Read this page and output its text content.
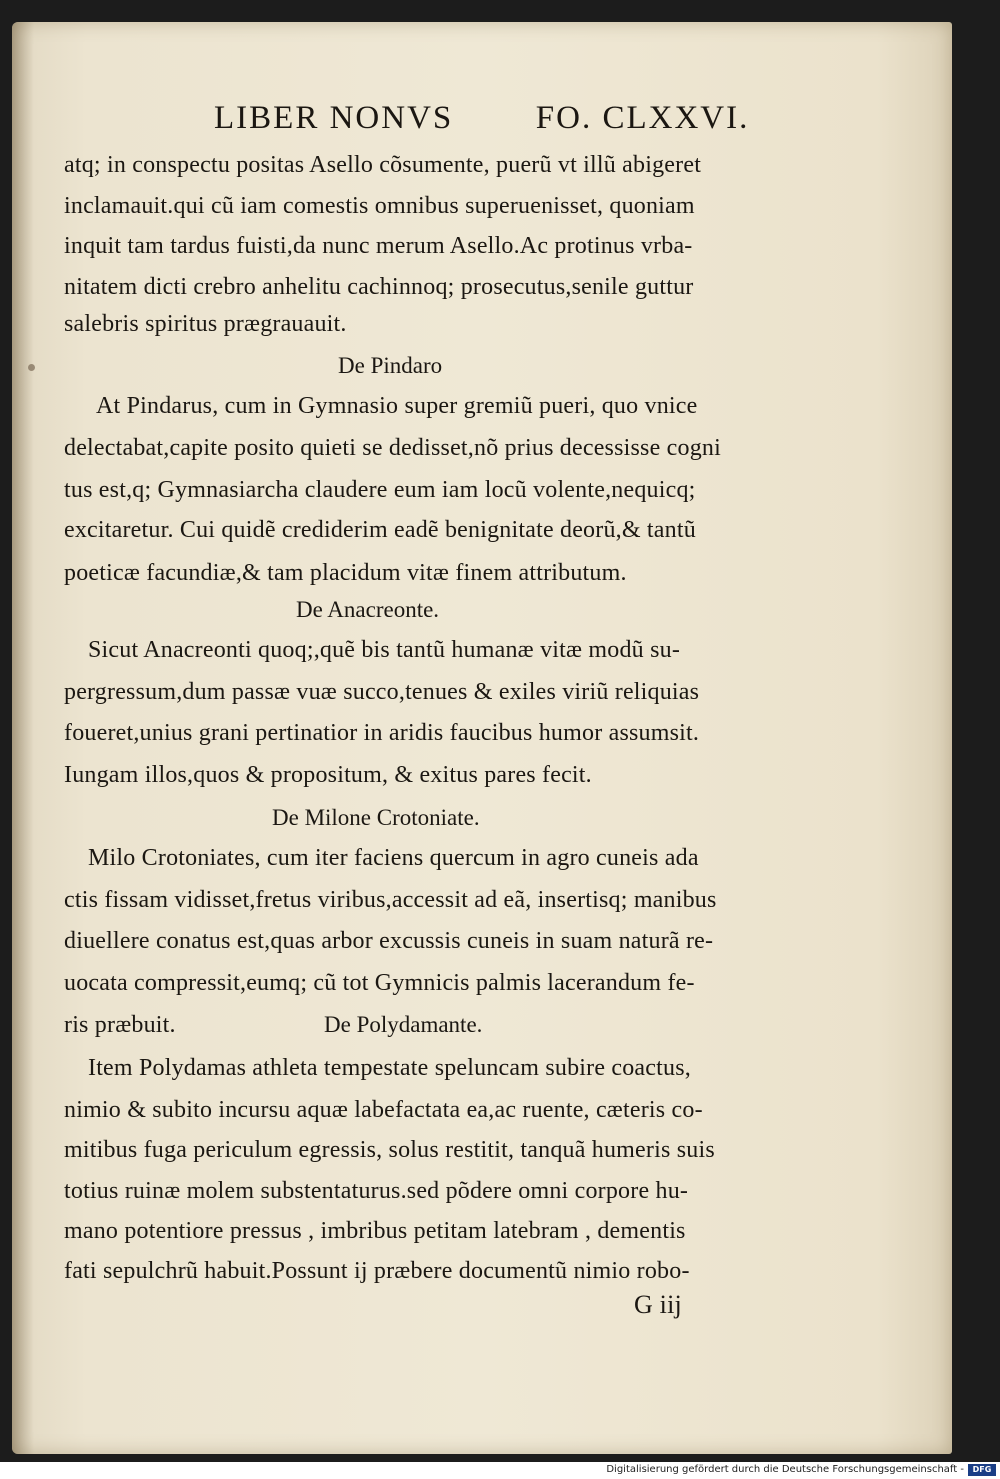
LIBER NONVS	FO. CLXXVI.
atq; in conspectu positas Asello cõsumente, puerũ vt illũ abigeret
inclamauit.qui cũ iam comestis omnibus superuenisset, quoniam
inquit tam tardus fuisti,da nunc merum Asello.Ac protinus vrba-
nitatem dicti crebro anhelitu cachinnoq; prosecutus,senile guttur
salebris spiritus prægrauauit.
De Pindaro
At Pindarus, cum in Gymnasio super gremiũ pueri, quo vnice
delectabat,capite posito quieti se dedisset,nõ prius decessisse cogni
tus est,q; Gymnasiarcha claudere eum iam locũ volente,nequicq;
excitaretur. Cui quidẽ crediderim eadẽ benignitate deorũ,& tantũ
poeticæ facundiæ,& tam placidum vitæ finem attributum.
De Anacreonte.
Sicut Anacreonti quoq;,quẽ bis tantũ humanæ vitæ modũ su-
pergressum,dum passæ vuæ succo,tenues & exiles viriũ reliquias
foueret,unius grani pertinatior in aridis faucibus humor assumsit.
Iungam illos,quos & propositum, & exitus pares fecit.
De Milone Crotoniate.
Milo Crotoniates, cum iter faciens quercum in agro cuneis ada
ctis fissam vidisset,fretus viribus,accessit ad eã, insertisq; manibus
diuellere conatus est,quas arbor excussis cuneis in suam naturã re-
uocata compressit,eumq; cũ tot Gymnicis palmis lacerandum fe-
ris præbuit.	De Polydamante.
Item Polydamas athleta tempestate speluncam subire coactus,
nimio & subito incursu aquæ labefactata ea,ac ruente, cæteris co-
mitibus fuga periculum egressis, solus restitit, tanquã humeris suis
totius ruinæ molem substentaturus.sed põdere omni corpore hu-
mano potentiore pressus , imbribus petitam latebram , dementis
fati sepulchrũ habuit.Possunt ij præbere documentũ nimio robo-
G iij
Digitalisierung gefördert durch die Deutsche Forschungsgemeinschaft -	DFG
